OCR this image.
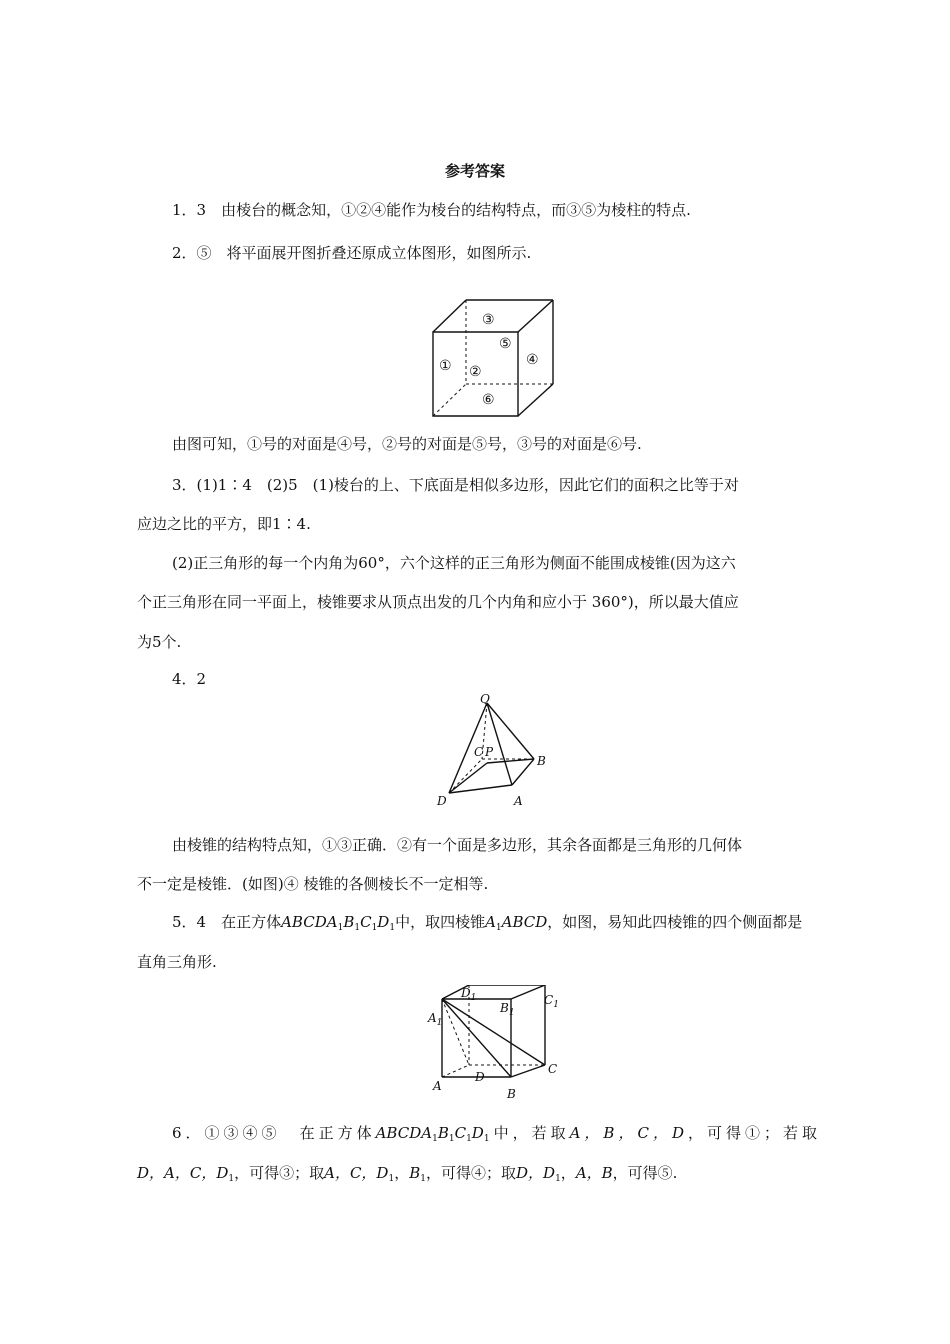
参考答案
1．3　由棱台的概念知，①②④能作为棱台的结构特点，而③⑤为棱柱的特点.
2．⑤　将平面展开图折叠还原成立体图形，如图所示.
③
⑤
④
① ②
⑥
由图可知，①号的对面是④号，②号的对面是⑤号，③号的对面是⑥号.
3．(1)1∶4　(2)5　(1)棱台的上、下底面是相似多边形，因此它们的面积之比等于对
应边之比的平方，即1∶4.
(2)正三角形的每一个内角为60°，六个这样的正三角形为侧面不能围成棱锥(因为这六
个正三角形在同一平面上，棱锥要求从顶点出发的几个内角和应小于 360°)，所以最大值应
为5个.
4．2
Q
C P
B
D	A
由棱锥的结构特点知，①③正确．②有一个面是多边形，其余各面都是三角形的几何体
不一定是棱锥．(如图)④ 棱锥的各侧棱长不一定相等.
5．4　在正方体$ABCDA_1B_1C_1D_1$中，取四棱锥$A_1ABCD$，如图，易知此四棱锥的四个侧面都是
直角三角形.
$D_1$
$B_1$
$C_1$
$A_1$
C
D
A
B
6．①③④⑤　在正方体$ABCDA_1B_1C_1D_1$中，若取A，B，C，D，可得①；若取
D，A，C，$D_1$，可得③；取A，C，$D_1$，$B_1$，可得④；取D，$D_1$，A，B，可得⑤.
